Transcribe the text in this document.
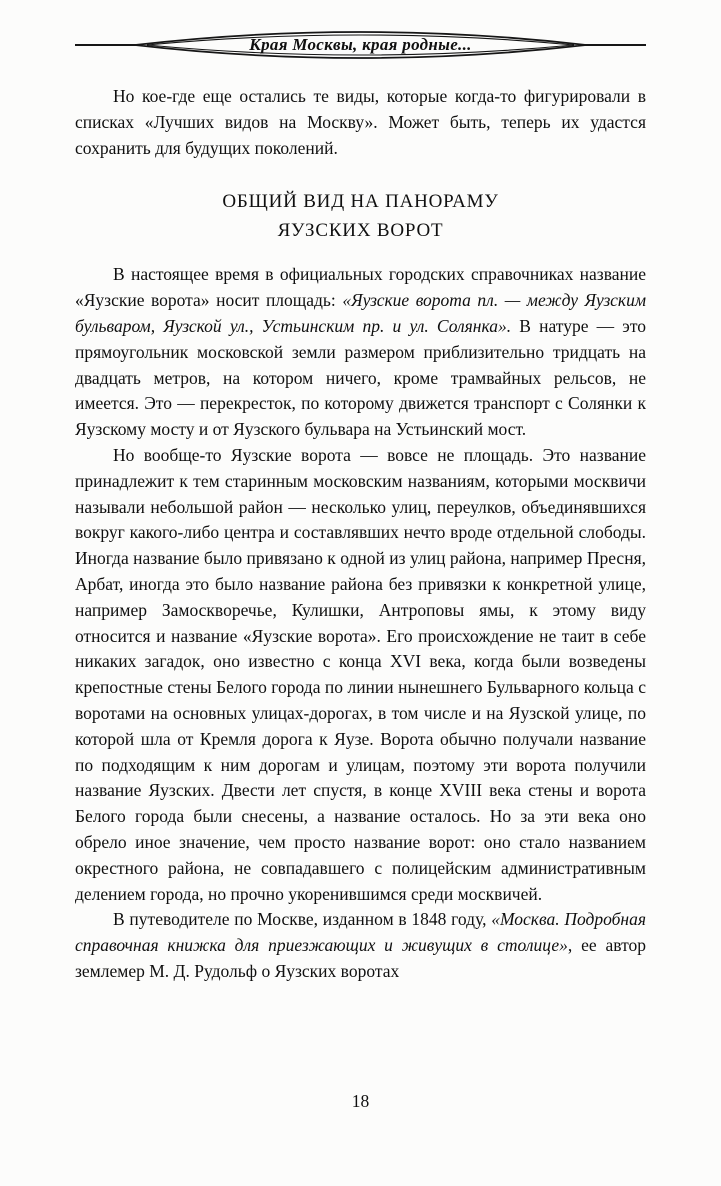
Края Москвы, края родные...

Но кое-где еще остались те виды, которые когда-то фигурировали в списках «Лучших видов на Москву». Может быть, теперь их удастся сохранить для будущих поколений.

ОБЩИЙ ВИД НА ПАНОРАМУ
ЯУЗСКИХ ВОРОТ

В настоящее время в официальных городских справочниках название «Яузские ворота» носит площадь: «Яузские ворота пл. — между Яузским бульваром, Яузской ул., Устьинским пр. и ул. Солянка». В натуре — это прямоугольник московской земли размером приблизительно тридцать на двадцать метров, на котором ничего, кроме трамвайных рельсов, не имеется. Это — перекресток, по которому движется транспорт с Солянки к Яузскому мосту и от Яузского бульвара на Устьинский мост.

Но вообще-то Яузские ворота — вовсе не площадь. Это название принадлежит к тем старинным московским названиям, которыми москвичи называли небольшой район — несколько улиц, переулков, объединявшихся вокруг какого-либо центра и составлявших нечто вроде отдельной слободы. Иногда название было привязано к одной из улиц района, например Пресня, Арбат, иногда это было название района без привязки к конкретной улице, например Замоскворечье, Кулишки, Антроповы ямы, к этому виду относится и название «Яузские ворота». Его происхождение не таит в себе никаких загадок, оно известно с конца XVI века, когда были возведены крепостные стены Белого города по линии нынешнего Бульварного кольца с воротами на основных улицах-дорогах, в том числе и на Яузской улице, по которой шла от Кремля дорога к Яузе. Ворота обычно получали название по подходящим к ним дорогам и улицам, поэтому эти ворота получили название Яузских. Двести лет спустя, в конце XVIII века стены и ворота Белого города были снесены, а название осталось. Но за эти века оно обрело иное значение, чем просто название ворот: оно стало названием окрестного района, не совпадавшего с полицейским административным делением города, но прочно укоренившимся среди москвичей.

В путеводителе по Москве, изданном в 1848 году, «Москва. Подробная справочная книжка для приезжающих и живущих в столице», ее автор землемер М. Д. Рудольф о Яузских воротах

18
